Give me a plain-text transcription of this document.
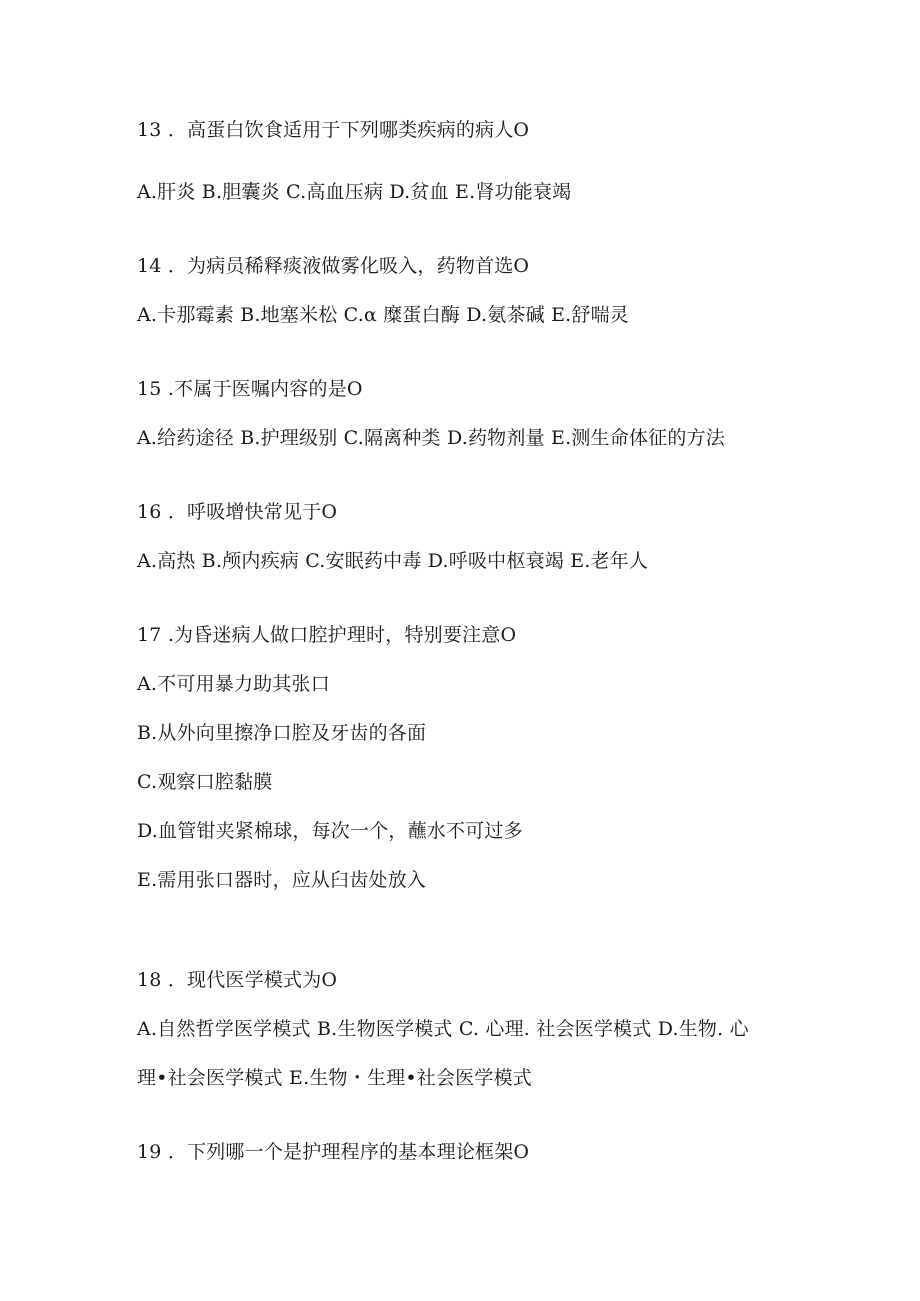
13 ．高蛋白饮食适用于下列哪类疾病的病人O
A.肝炎 B.胆囊炎 C.高血压病 D.贫血 E.肾功能衰竭
14 ．为病员稀释痰液做雾化吸入，药物首选O
A.卡那霉素 B.地塞米松 C.α 糜蛋白酶 D.氨茶碱 E.舒喘灵
15 .不属于医嘱内容的是O
A.给药途径 B.护理级别 C.隔离种类 D.药物剂量 E.测生命体征的方法
16 ．呼吸增快常见于O
A.高热 B.颅内疾病 C.安眠药中毒 D.呼吸中枢衰竭 E.老年人
17 .为昏迷病人做口腔护理时，特别要注意O
A.不可用暴力助其张口
B.从外向里擦净口腔及牙齿的各面
C.观察口腔黏膜
D.血管钳夹紧棉球，每次一个，蘸水不可过多
E.需用张口器时，应从臼齿处放入
18 ．现代医学模式为O
A.自然哲学医学模式 B.生物医学模式 C. 心理. 社会医学模式 D.生物. 心
理•社会医学模式 E.生物・生理•社会医学模式
19 ．下列哪一个是护理程序的基本理论框架O
